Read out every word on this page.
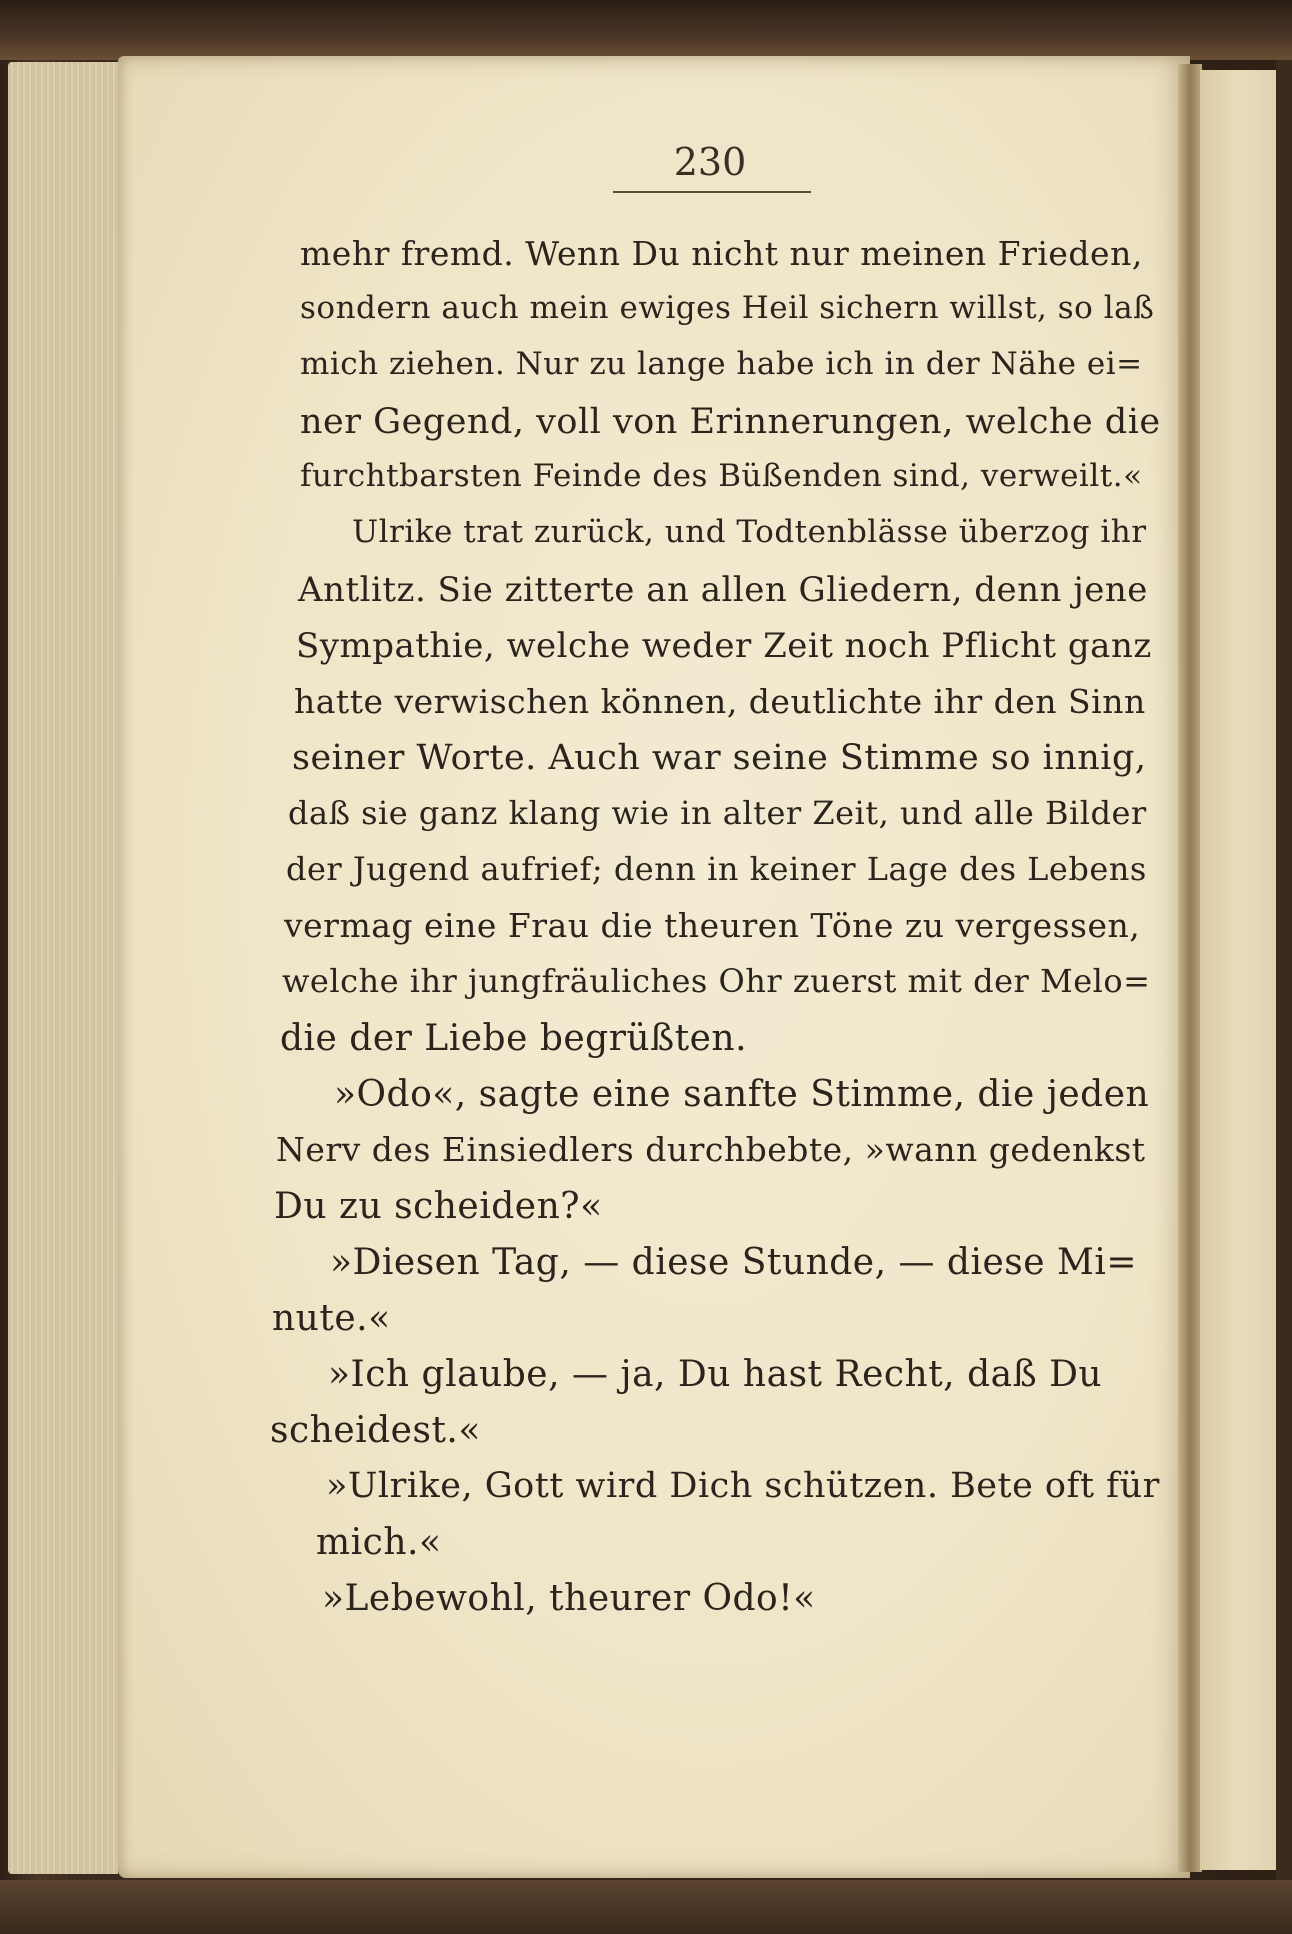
230
mehr fremd. Wenn Du nicht nur meinen Frieden,
sondern auch mein ewiges Heil sichern willst, so laß
mich ziehen. Nur zu lange habe ich in der Nähe ei=
ner Gegend, voll von Erinnerungen, welche die
furchtbarsten Feinde des Büßenden sind, verweilt.«
Ulrike trat zurück, und Todtenblässe überzog ihr
Antlitz. Sie zitterte an allen Gliedern, denn jene
Sympathie, welche weder Zeit noch Pflicht ganz
hatte verwischen können, deutlichte ihr den Sinn
seiner Worte. Auch war seine Stimme so innig,
daß sie ganz klang wie in alter Zeit, und alle Bilder
der Jugend aufrief; denn in keiner Lage des Lebens
vermag eine Frau die theuren Töne zu vergessen,
welche ihr jungfräuliches Ohr zuerst mit der Melo=
die der Liebe begrüßten.
»Odo«, sagte eine sanfte Stimme, die jeden
Nerv des Einsiedlers durchbebte, »wann gedenkst
Du zu scheiden?«
»Diesen Tag, — diese Stunde, — diese Mi=
nute.«
»Ich glaube, — ja, Du hast Recht, daß Du
scheidest.«
»Ulrike, Gott wird Dich schützen. Bete oft für
mich.«
»Lebewohl, theurer Odo!«
